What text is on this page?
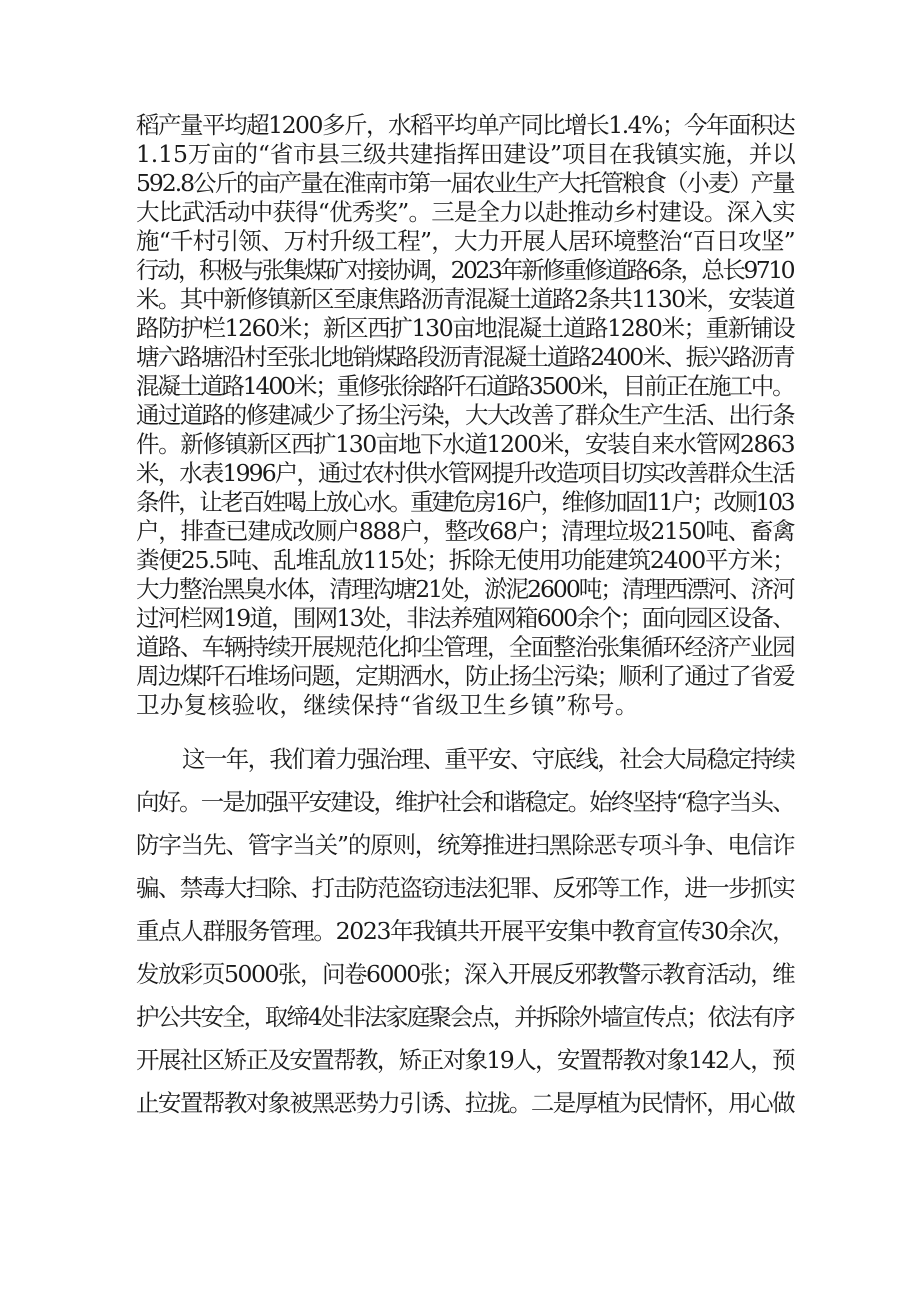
稻产量平均超1200多斤，水稻平均单产同比增长1.4%；今年面积达
1.15万亩的“省市县三级共建指挥田建设”项目在我镇实施，并以
592.8公斤的亩产量在淮南市第一届农业生产大托管粮食（小麦）产量
大比武活动中获得“优秀奖”。三是全力以赴推动乡村建设。深入实
施“千村引领、万村升级工程”，大力开展人居环境整治“百日攻坚”
行动，积极与张集煤矿对接协调，2023年新修重修道路6条，总长9710
米。其中新修镇新区至康焦路沥青混凝土道路2条共1130米，安装道
路防护栏1260米；新区西扩130亩地混凝土道路1280米；重新铺设
塘六路塘沿村至张北地销煤路段沥青混凝土道路2400米、振兴路沥青
混凝土道路1400米；重修张徐路阡石道路3500米，目前正在施工中。
通过道路的修建减少了扬尘污染，大大改善了群众生产生活、出行条
件。新修镇新区西扩130亩地下水道1200米，安装自来水管网2863
米，水表1996户，通过农村供水管网提升改造项目切实改善群众生活
条件，让老百姓喝上放心水。重建危房16户，维修加固11户；改厕103
户，排查已建成改厕户888户，整改68户；清理垃圾2150吨、畜禽
粪便25.5吨、乱堆乱放115处；拆除无使用功能建筑2400平方米；
大力整治黑臭水体，清理沟塘21处，淤泥2600吨；清理西漂河、济河
过河栏网19道，围网13处，非法养殖网箱600余个；面向园区设备、
道路、车辆持续开展规范化抑尘管理，全面整治张集循环经济产业园
周边煤阡石堆场问题，定期洒水，防止扬尘污染；顺利了通过了省爱
卫办复核验收，继续保持“省级卫生乡镇”称号。
这一年，我们着力强治理、重平安、守底线，社会大局稳定持续
向好。一是加强平安建设，维护社会和谐稳定。始终坚持“稳字当头、
防字当先、管字当关”的原则，统筹推进扫黑除恶专项斗争、电信诈
骗、禁毒大扫除、打击防范盗窃违法犯罪、反邪等工作，进一步抓实
重点人群服务管理。2023年我镇共开展平安集中教育宣传30余次，
发放彩页5000张，问卷6000张；深入开展反邪教警示教育活动，维
护公共安全，取缔4处非法家庭聚会点，并拆除外墙宣传点；依法有序
开展社区矫正及安置帮教，矫正对象19人，安置帮教对象142人，预
止安置帮教对象被黑恶势力引诱、拉拢。二是厚植为民情怀，用心做
